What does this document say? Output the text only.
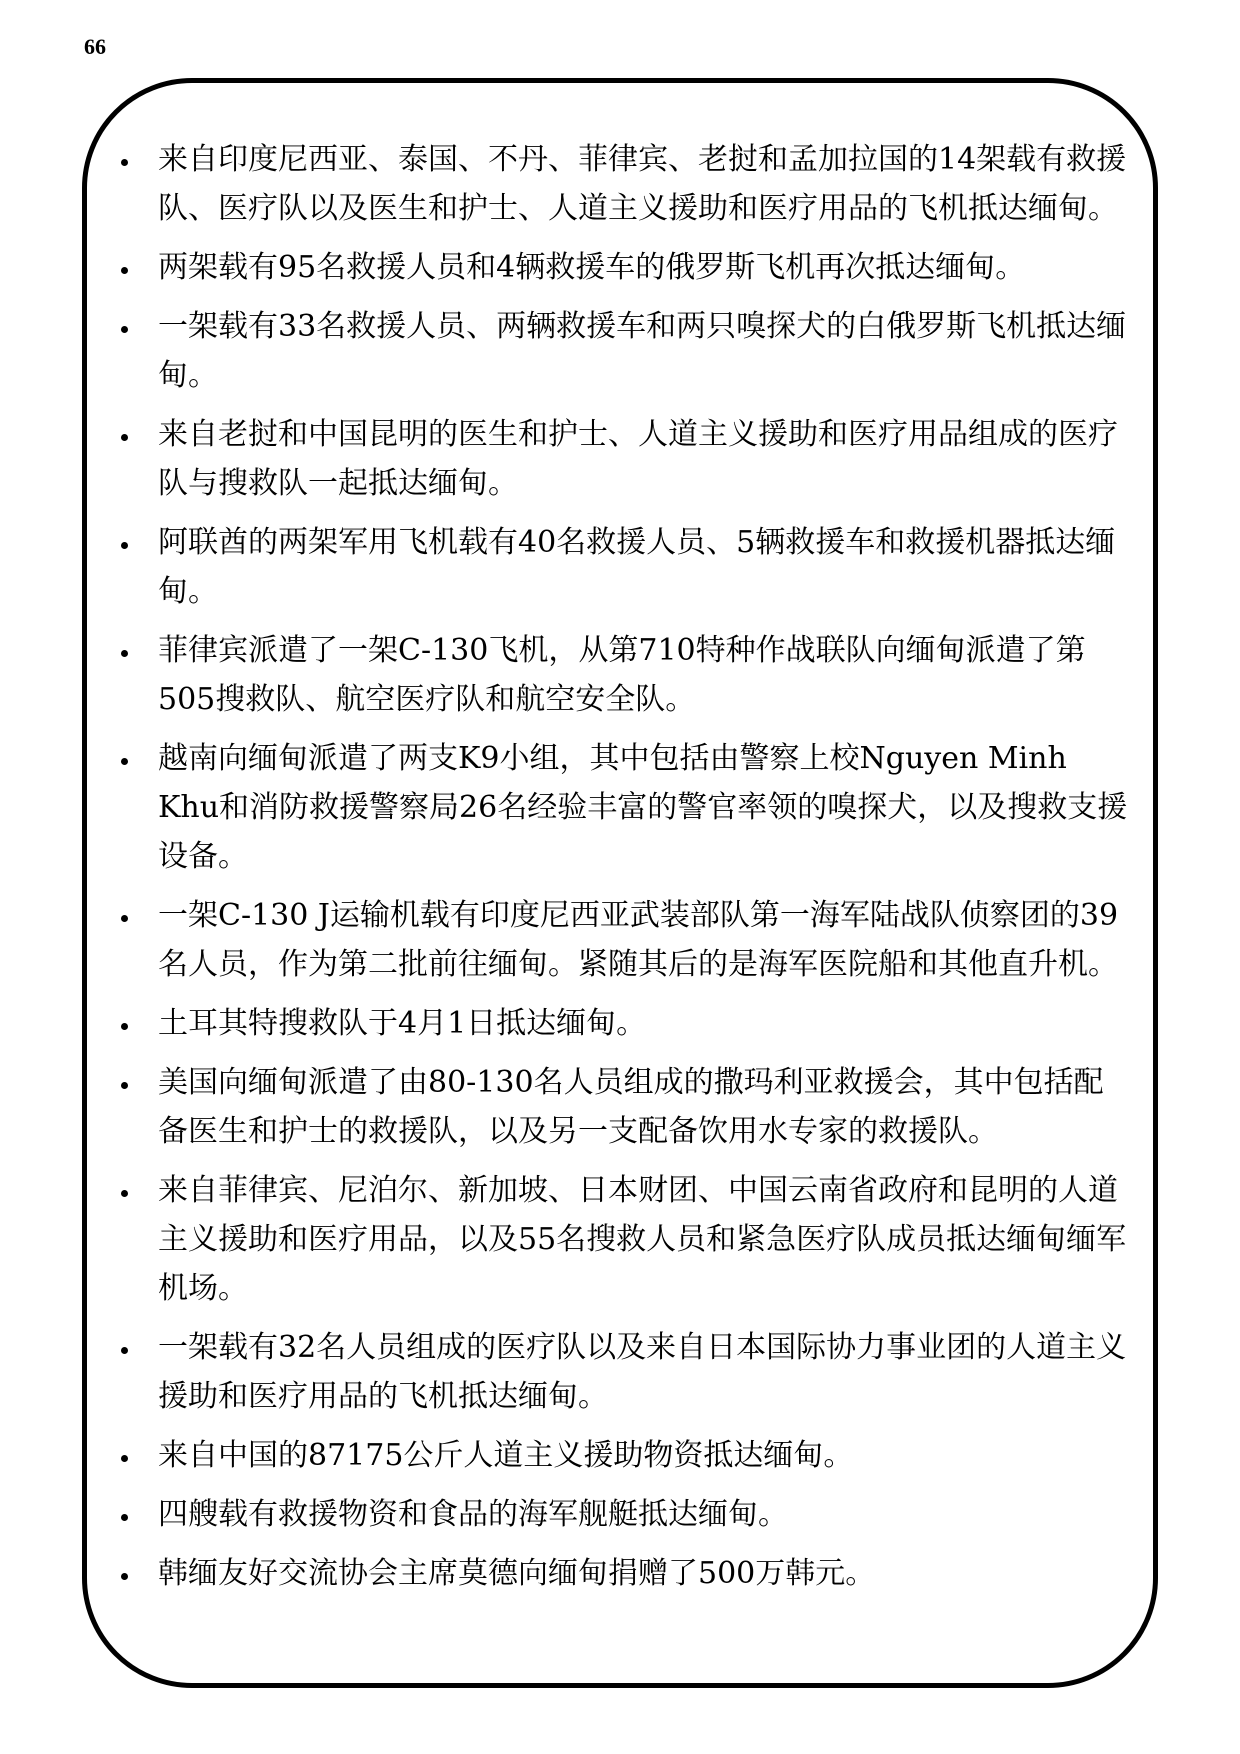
66
来自印度尼西亚、泰国、不丹、菲律宾、老挝和孟加拉国的14架载有救援队、医疗队以及医生和护士、人道主义援助和医疗用品的飞机抵达缅甸。
两架载有95名救援人员和4辆救援车的俄罗斯飞机再次抵达缅甸。
一架载有33名救援人员、两辆救援车和两只嗅探犬的白俄罗斯飞机抵达缅甸。
来自老挝和中国昆明的医生和护士、人道主义援助和医疗用品组成的医疗队与搜救队一起抵达缅甸。
阿联酋的两架军用飞机载有40名救援人员、5辆救援车和救援机器抵达缅甸。
菲律宾派遣了一架C-130飞机，从第710特种作战联队向缅甸派遣了第505搜救队、航空医疗队和航空安全队。
越南向缅甸派遣了两支K9小组，其中包括由警察上校Nguyen Minh Khu和消防救援警察局26名经验丰富的警官率领的嗅探犬，以及搜救支援设备。
一架C-130 J运输机载有印度尼西亚武装部队第一海军陆战队侦察团的39名人员，作为第二批前往缅甸。紧随其后的是海军医院船和其他直升机。
土耳其特搜救队于4月1日抵达缅甸。
美国向缅甸派遣了由80-130名人员组成的撒玛利亚救援会，其中包括配备医生和护士的救援队，以及另一支配备饮用水专家的救援队。
来自菲律宾、尼泊尔、新加坡、日本财团、中国云南省政府和昆明的人道主义援助和医疗用品，以及55名搜救人员和紧急医疗队成员抵达缅甸缅军机场。
一架载有32名人员组成的医疗队以及来自日本国际协力事业团的人道主义援助和医疗用品的飞机抵达缅甸。
来自中国的87175公斤人道主义援助物资抵达缅甸。
四艘载有救援物资和食品的海军舰艇抵达缅甸。
韩缅友好交流协会主席莫德向缅甸捐赠了500万韩元。
